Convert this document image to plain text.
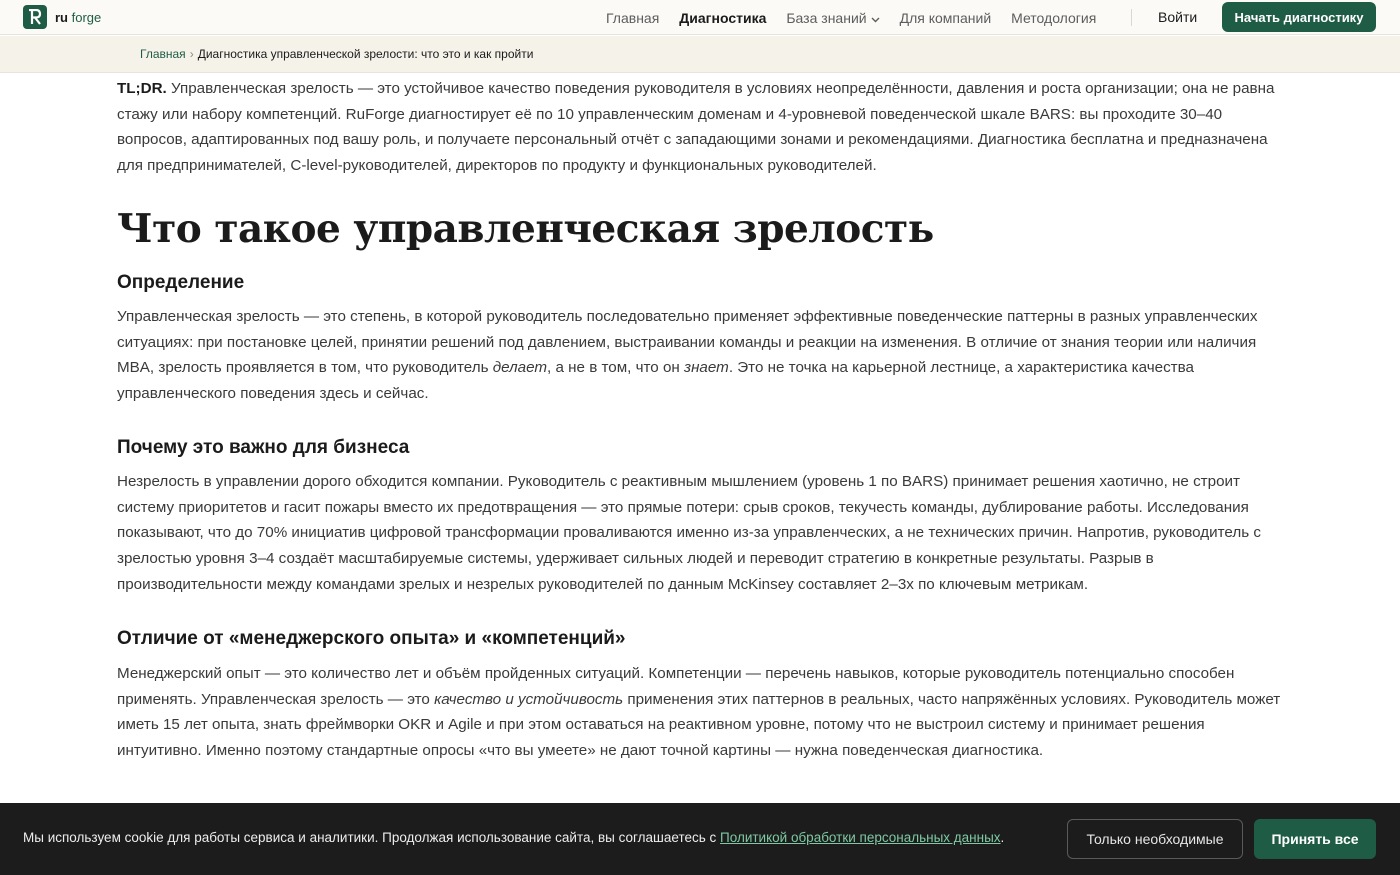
ru forge	Главная Диагностика База знаний Для компаний Методология	Войти	Начать диагностику
Главная › Диагностика управленческой зрелости: что это и как пройти

TL;DR. Управленческая зрелость — это устойчивое качество поведения руководителя в условиях неопределённости, давления и роста организации; она не равна стажу или набору компетенций. RuForge диагностирует её по 10 управленческим доменам и 4-уровневой поведенческой шкале BARS: вы проходите 30–40 вопросов, адаптированных под вашу роль, и получаете персональный отчёт с западающими зонами и рекомендациями. Диагностика бесплатна и предназначена для предпринимателей, C-level-руководителей, директоров по продукту и функциональных руководителей.

Что такое управленческая зрелость
Определение

Управленческая зрелость — это степень, в которой руководитель последовательно применяет эффективные поведенческие паттерны в разных управленческих ситуациях: при постановке целей, принятии решений под давлением, выстраивании команды и реакции на изменения. В отличие от знания теории или наличия MBA, зрелость проявляется в том, что руководитель делает, а не в том, что он знает. Это не точка на карьерной лестнице, а характеристика качества управленческого поведения здесь и сейчас.

Почему это важно для бизнеса

Незрелость в управлении дорого обходится компании. Руководитель с реактивным мышлением (уровень 1 по BARS) принимает решения хаотично, не строит систему приоритетов и гасит пожары вместо их предотвращения — это прямые потери: срыв сроков, текучесть команды, дублирование работы. Исследования показывают, что до 70% инициатив цифровой трансформации проваливаются именно из-за управленческих, а не технических причин. Напротив, руководитель с зрелостью уровня 3–4 создаёт масштабируемые системы, удерживает сильных людей и переводит стратегию в конкретные результаты. Разрыв в производительности между командами зрелых и незрелых руководителей по данным McKinsey составляет 2–3x по ключевым метрикам.

Отличие от «менеджерского опыта» и «компетенций»

Менеджерский опыт — это количество лет и объём пройденных ситуаций. Компетенции — перечень навыков, которые руководитель потенциально способен применять. Управленческая зрелость — это качество и устойчивость применения этих паттернов в реальных, часто напряжённых условиях. Руководитель может иметь 15 лет опыта, знать фреймворки OKR и Agile и при этом оставаться на реактивном уровне, потому что не выстроил систему и принимает решения интуитивно. Именно поэтому стандартные опросы «что вы умеете» не дают точной картины — нужна поведенческая диагностика.

Мы используем cookie для работы сервиса и аналитики. Продолжая использование сайта, вы соглашаетесь с Политикой обработки персональных данных.	Только необходимые	Принять все
